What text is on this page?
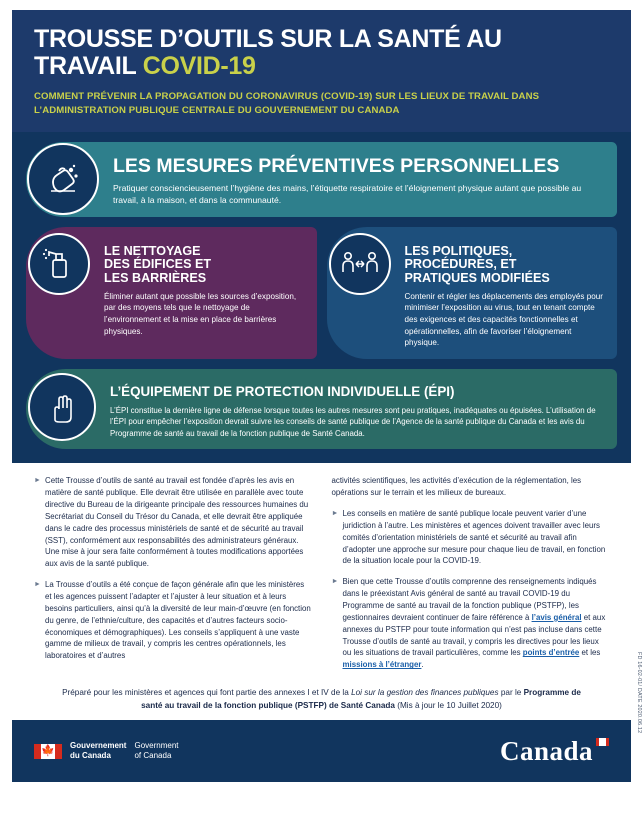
TROUSSE D’OUTILS SUR LA SANTÉ AU
TRAVAIL COVID-19
COMMENT PRÉVENIR LA PROPAGATION DU CORONAVIRUS (COVID-19) SUR LES LIEUX DE TRAVAIL DANS L’ADMINISTRATION PUBLIQUE CENTRALE DU GOUVERNEMENT DU CANADA
LES MESURES PRÉVENTIVES PERSONNELLES
Pratiquer consciencieusement l’hygiène des mains, l’étiquette respiratoire et l’éloignement physique autant que possible au travail, à la maison, et dans la communauté.
LE NETTOYAGE
DES ÉDIFICES ET
LES BARRIÈRES
Éliminer autant que possible les sources d’exposition, par des moyens tels que le nettoyage de l’environnement et la mise en place de barrières physiques.
LES POLITIQUES,
PROCÉDURES, ET
PRATIQUES MODIFIÉES
Contenir et régler les déplacements des employés pour minimiser l’exposition au virus, tout en tenant compte des exigences et des capacités fonctionnelles et opérationnelles, afin de favoriser l’éloignement physique.
L’ÉQUIPEMENT DE PROTECTION INDIVIDUELLE (ÉPI)
L’ÉPI constitue la dernière ligne de défense lorsque toutes les autres mesures sont peu pratiques, inadéquates ou épuisées. L’utilisation de l’ÉPI pour empêcher l’exposition devrait suivre les conseils de santé publique de l’Agence de la santé publique du Canada et les avis du Programme de santé au travail de la fonction publique de Santé Canada.
► Cette Trousse d’outils de santé au travail est fondée d’après les avis en matière de santé publique. Elle devrait être utilisée en parallèle avec toute directive du Bureau de la dirigeante principale des ressources humaines du Secrétariat du Conseil du Trésor du Canada, et elle devrait être appliquée dans le cadre des processus ministériels de santé et de sécurité au travail (SST), conformément aux responsabilités des administrateurs généraux. Une mise à jour sera faite conformément à toutes modifications apportées aux avis de la santé publique.
► La Trousse d’outils a été conçue de façon générale afin que les ministères et les agences puissent l’adapter et l’ajuster à leur situation et à leurs besoins particuliers, ainsi qu’à la diversité de leur main-d’œuvre (en fonction du genre, de l’ethnie/culture, des capacités et d’autres facteurs socio-économiques et démographiques). Les conseils s’appliquent à une vaste gamme de milieux de travail, y compris les centres opérationnels, les laboratoires et d’autres
activités scientifiques, les activités d’exécution de la réglementation, les opérations sur le terrain et les milieux de bureaux.
► Les conseils en matière de santé publique locale peuvent varier d’une juridiction à l’autre. Les ministères et agences doivent travailler avec leurs comités d’orientation ministériels de santé et sécurité au travail afin d’adopter une approche sur mesure pour chaque lieu de travail, en fonction de la situation locale pour la COVID-19.
► Bien que cette Trousse d’outils comprenne des renseignements indiqués dans le préexistant Avis général de santé au travail COVID-19 du Programme de santé au travail de la fonction publique (PSTFP), les gestionnaires devraient continuer de faire référence à l’avis général et aux annexes du PSTFP pour toute information qui n’est pas incluse dans cette Trousse d’outils de santé au travail, y compris les directives pour les lieux ou les situations de travail particulières, comme les points d’entrée et les missions à l’étranger.
Préparé pour les ministères et agences qui font partie des annexes I et IV de la Loi sur la gestion des finances publiques par le Programme de santé au travail de la fonction publique (PSTFP) de Santé Canada (Mis à jour le 10 Juillet 2020)	FD 16-02-01/ DATE 2020.06.12
🍁	Gouvernement
du Canada
Government
of Canada	Canada
